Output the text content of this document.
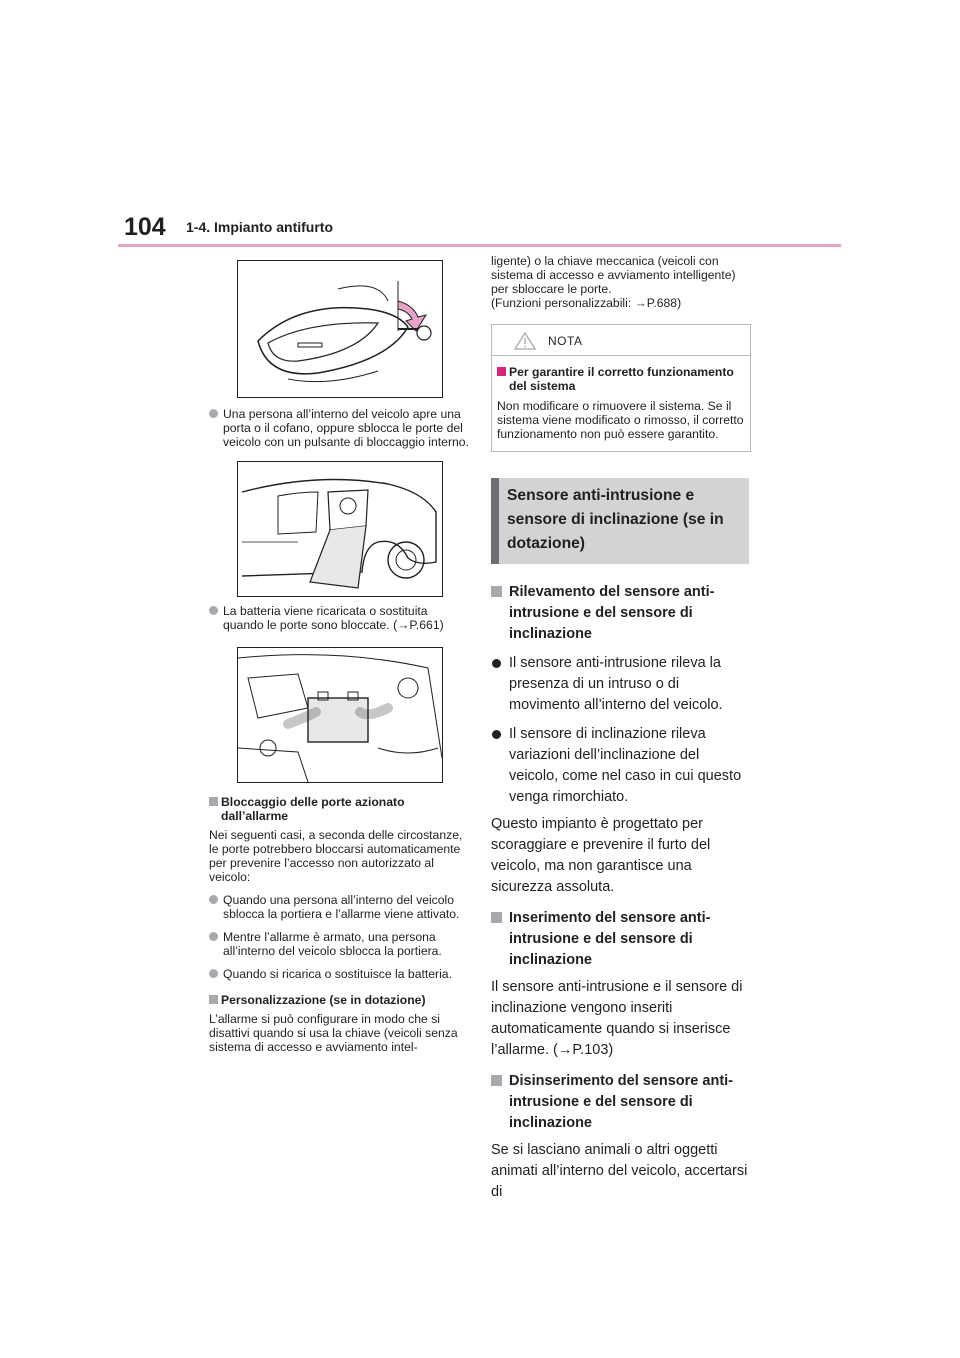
104 1-4. Impianto antifurto

Una persona all’interno del veicolo apre una porta o il cofano, oppure sblocca le porte del veicolo con un pulsante di bloccaggio interno.

La batteria viene ricaricata o sostituita quando le porte sono bloccate. (→P.661)

Bloccaggio delle porte azionato dall’allarme

Nei seguenti casi, a seconda delle circostanze, le porte potrebbero bloccarsi automaticamente per prevenire l’accesso non autorizzato al veicolo:

Quando una persona all’interno del veicolo sblocca la portiera e l’allarme viene attivato.

Mentre l’allarme è armato, una persona all’interno del veicolo sblocca la portiera.

Quando si ricarica o sostituisce la batteria.

Personalizzazione (se in dotazione)

L’allarme si può configurare in modo che si disattivi quando si usa la chiave (veicoli senza sistema di accesso e avviamento intel-

ligente) o la chiave meccanica (veicoli con sistema di accesso e avviamento intelligente) per sbloccare le porte.

(Funzioni personalizzabili: →P.688)

NOTA

Per garantire il corretto funzionamento del sistema

Non modificare o rimuovere il sistema. Se il sistema viene modificato o rimosso, il corretto funzionamento non può essere garantito.

Sensore anti-intrusione e sensore di inclinazione (se in dotazione)

Rilevamento del sensore anti-intrusione e del sensore di inclinazione

Il sensore anti-intrusione rileva la presenza di un intruso o di movimento all’interno del veicolo.

Il sensore di inclinazione rileva variazioni dell’inclinazione del veicolo, come nel caso in cui questo venga rimorchiato.

Questo impianto è progettato per scoraggiare e prevenire il furto del veicolo, ma non garantisce una sicurezza assoluta.

Inserimento del sensore anti-intrusione e del sensore di inclinazione

Il sensore anti-intrusione e il sensore di inclinazione vengono inseriti automaticamente quando si inserisce l’allarme. (→P.103)

Disinserimento del sensore anti-intrusione e del sensore di inclinazione

Se si lasciano animali o altri oggetti animati all’interno del veicolo, accertarsi di
